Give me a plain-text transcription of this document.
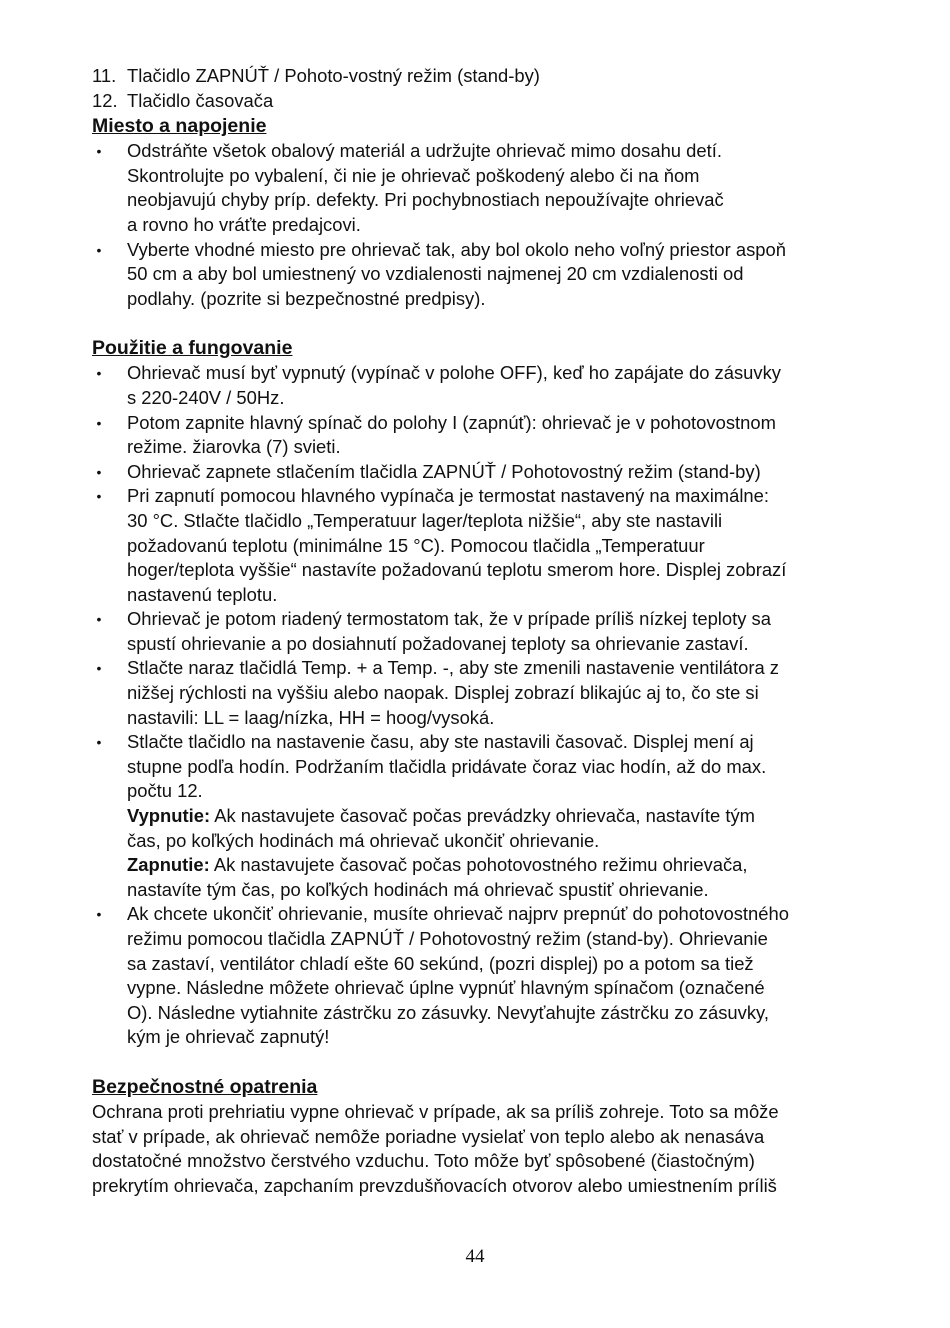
11. Tlačidlo ZAPNÚŤ / Pohoto-vostný režim (stand-by)

12. Tlačidlo časovača

Miesto a napojenie
• Odstráňte všetok obalový materiál a udržujte ohrievač mimo dosahu detí.
Skontrolujte po vybalení, či nie je ohrievač poškodený alebo či na ňom
neobjavujú chyby príp. defekty. Pri pochybnostiach nepoužívajte ohrievač
a rovno ho vráťte predajcovi.
• Vyberte vhodné miesto pre ohrievač tak, aby bol okolo neho voľný priestor aspoň
50 cm a aby bol umiestnený vo vzdialenosti najmenej 20 cm vzdialenosti od
podlahy. (pozrite si bezpečnostné predpisy).
Použitie a fungovanie
• Ohrievač musí byť vypnutý (vypínač v polohe OFF), keď ho zapájate do zásuvky
s 220-240V / 50Hz.
• Potom zapnite hlavný spínač do polohy I (zapnúť): ohrievač je v pohotovostnom
režime. žiarovka (7) svieti.
• Ohrievač zapnete stlačením tlačidla ZAPNÚŤ / Pohotovostný režim (stand-by)
• Pri zapnutí pomocou hlavného vypínača je termostat nastavený na maximálne:
30 °C. Stlačte tlačidlo „Temperatuur lager/teplota nižšie“, aby ste nastavili
požadovanú teplotu (minimálne 15 °C). Pomocou tlačidla „Temperatuur
hoger/teplota vyššie“ nastavíte požadovanú teplotu smerom hore. Displej zobrazí
nastavenú teplotu.
• Ohrievač je potom riadený termostatom tak, že v prípade príliš nízkej teploty sa
spustí ohrievanie a po dosiahnutí požadovanej teploty sa ohrievanie zastaví.
• Stlačte naraz tlačidlá Temp. + a Temp. -, aby ste zmenili nastavenie ventilátora z
nižšej rýchlosti na vyššiu alebo naopak. Displej zobrazí blikajúc aj to, čo ste si
nastavili: LL = laag/nízka, HH = hoog/vysoká.
• Stlačte tlačidlo na nastavenie času, aby ste nastavili časovač. Displej mení aj
stupne podľa hodín. Podržaním tlačidla pridávate čoraz viac hodín, až do max.
počtu 12.
Vypnutie: Ak nastavujete časovač počas prevádzky ohrievača, nastavíte tým
čas, po koľkých hodinách má ohrievač ukončiť ohrievanie.
Zapnutie: Ak nastavujete časovač počas pohotovostného režimu ohrievača,
nastavíte tým čas, po koľkých hodinách má ohrievač spustiť ohrievanie.
• Ak chcete ukončiť ohrievanie, musíte ohrievač najprv prepnúť do pohotovostného
režimu pomocou tlačidla ZAPNÚŤ / Pohotovostný režim (stand-by). Ohrievanie
sa zastaví, ventilátor chladí ešte 60 sekúnd, (pozri displej) po a potom sa tiež
vypne. Následne môžete ohrievač úplne vypnúť hlavným spínačom (označené
O). Následne vytiahnite zástrčku zo zásuvky. Nevyťahujte zástrčku zo zásuvky,
kým je ohrievač zapnutý!
Bezpečnostné opatrenia
Ochrana proti prehriatiu vypne ohrievač v prípade, ak sa príliš zohreje. Toto sa môže
stať v prípade, ak ohrievač nemôže poriadne vysielať von teplo alebo ak nenasáva
dostatočné množstvo čerstvého vzduchu. Toto môže byť spôsobené (čiastočným)
prekrytím ohrievača, zapchaním prevzdušňovacích otvorov alebo umiestnením príliš
44
